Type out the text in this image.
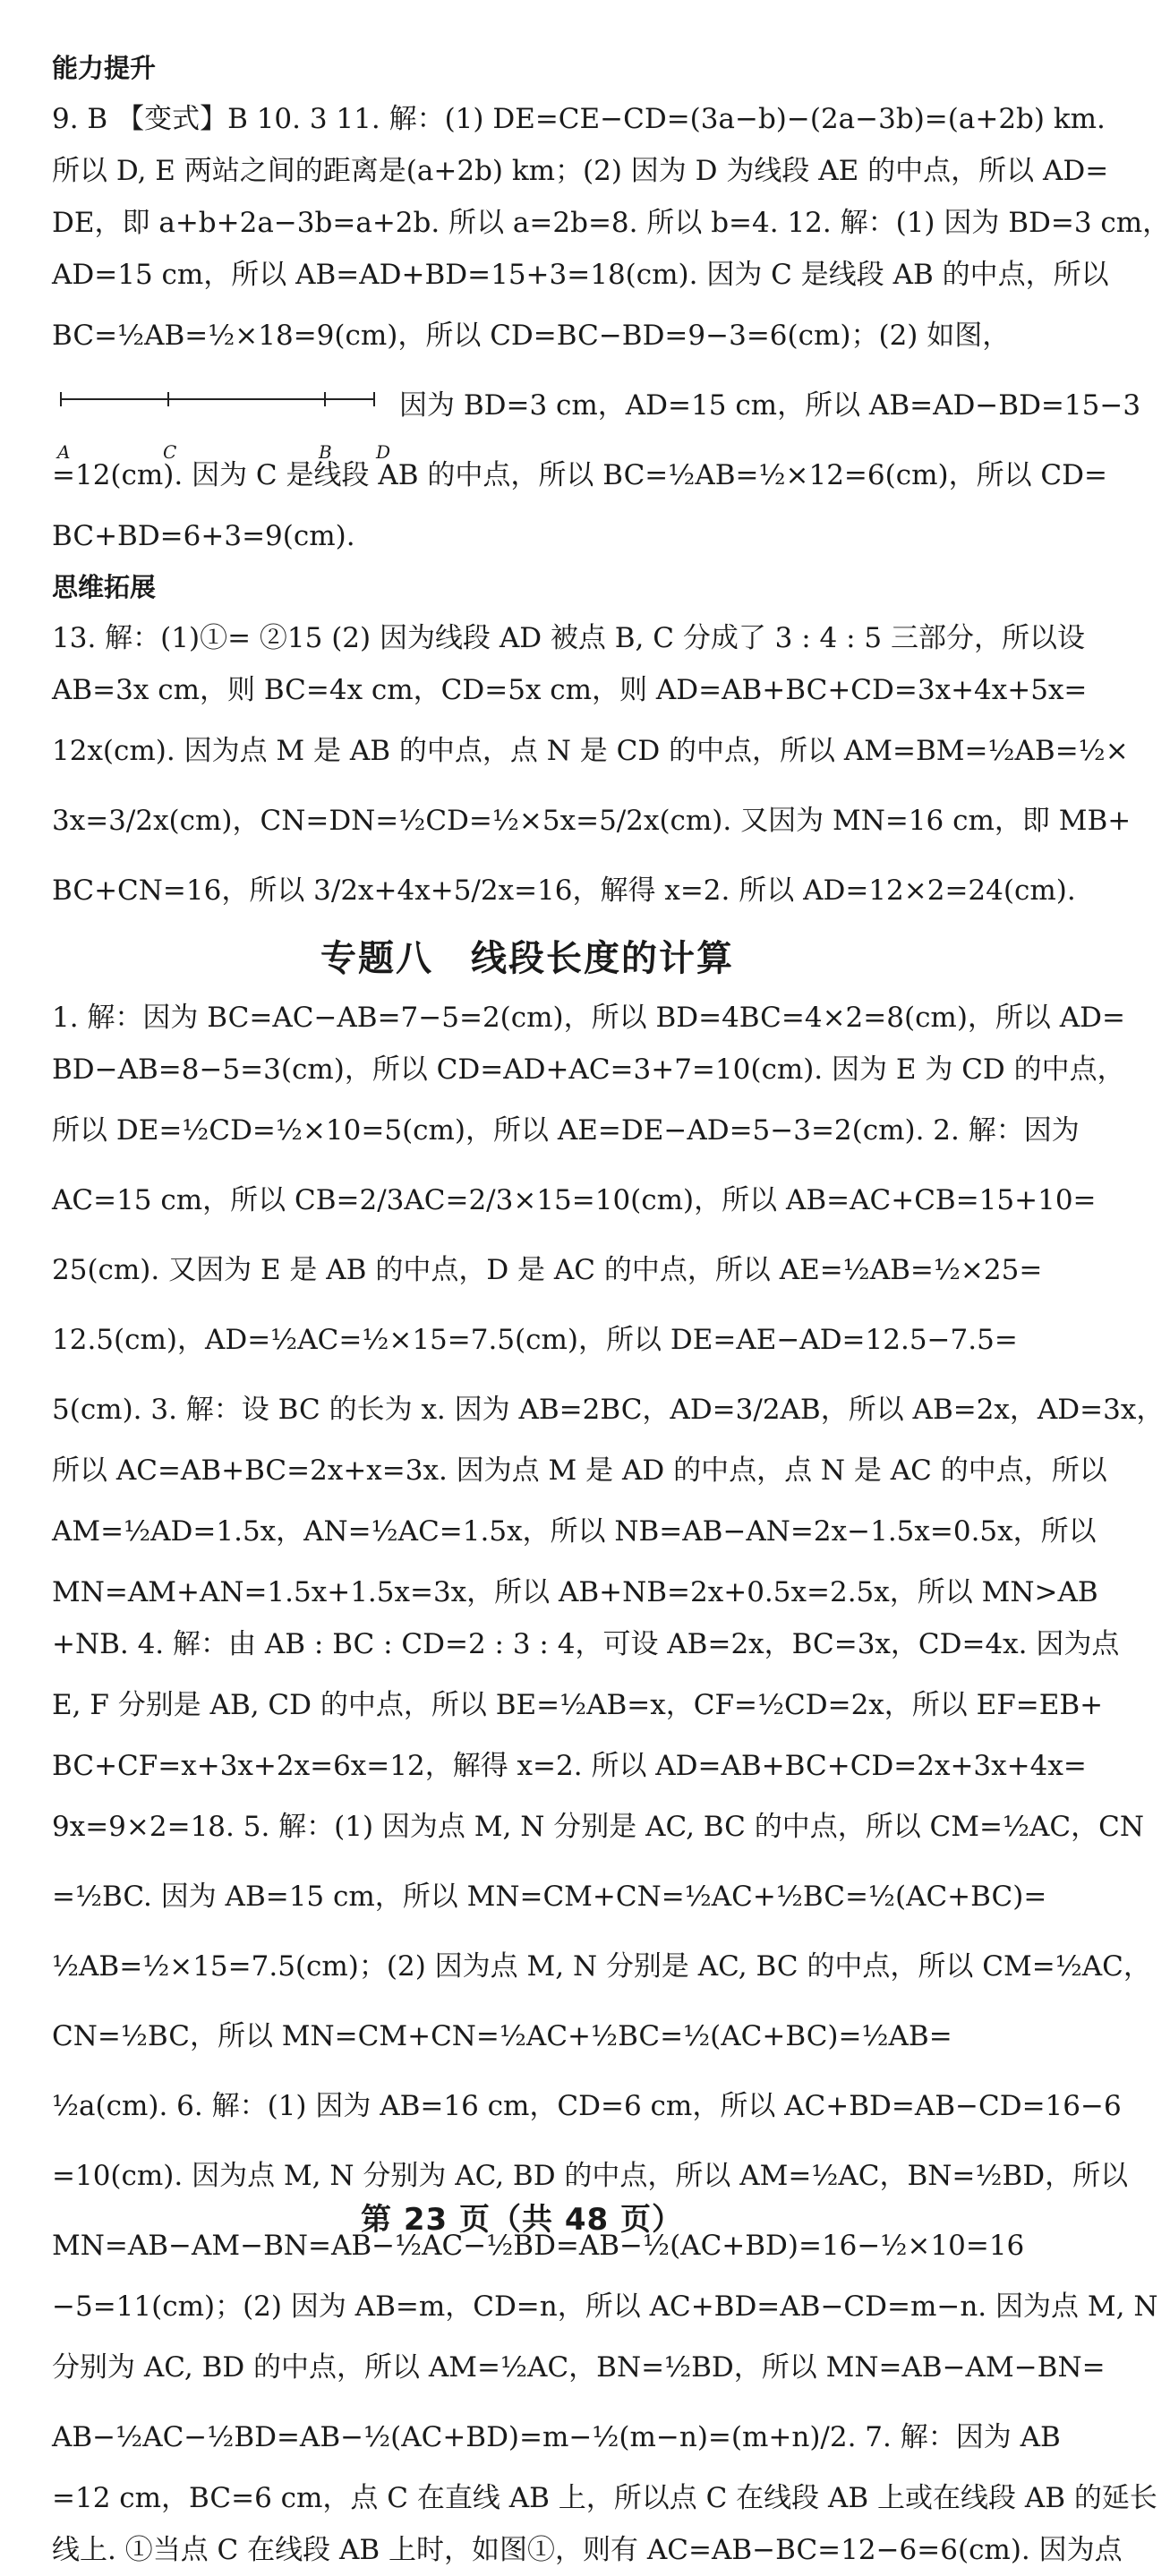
能力提升
9. B 【变式】B 10. 3 11. 解：(1) DE=CE−CD=(3a−b)−(2a−3b)=(a+2b) km.
所以 D, E 两站之间的距离是(a+2b) km；(2) 因为 D 为线段 AE 的中点，所以 AD=
DE，即 a+b+2a−3b=a+2b. 所以 a=2b=8. 所以 b=4. 12. 解：(1) 因为 BD=3 cm，
AD=15 cm，所以 AB=AD+BD=15+3=18(cm). 因为 C 是线段 AB 的中点，所以
BC=½AB=½×18=9(cm)，所以 CD=BC−BD=9−3=6(cm)；(2) 如图，
A	C	B D
因为 BD=3 cm，AD=15 cm，所以 AB=AD−BD=15−3
=12(cm). 因为 C 是线段 AB 的中点，所以 BC=½AB=½×12=6(cm)，所以 CD=
BC+BD=6+3=9(cm).
思维拓展
13. 解：(1)①= ②15 (2) 因为线段 AD 被点 B, C 分成了 3 : 4 : 5 三部分，所以设
AB=3x cm，则 BC=4x cm，CD=5x cm，则 AD=AB+BC+CD=3x+4x+5x=
12x(cm). 因为点 M 是 AB 的中点，点 N 是 CD 的中点，所以 AM=BM=½AB=½×
3x=3/2x(cm)，CN=DN=½CD=½×5x=5/2x(cm). 又因为 MN=16 cm，即 MB+
BC+CN=16，所以 3/2x+4x+5/2x=16，解得 x=2. 所以 AD=12×2=24(cm).
专题八　线段长度的计算
1. 解：因为 BC=AC−AB=7−5=2(cm)，所以 BD=4BC=4×2=8(cm)，所以 AD=
BD−AB=8−5=3(cm)，所以 CD=AD+AC=3+7=10(cm). 因为 E 为 CD 的中点，
所以 DE=½CD=½×10=5(cm)，所以 AE=DE−AD=5−3=2(cm). 2. 解：因为
AC=15 cm，所以 CB=2/3AC=2/3×15=10(cm)，所以 AB=AC+CB=15+10=
25(cm). 又因为 E 是 AB 的中点，D 是 AC 的中点，所以 AE=½AB=½×25=
12.5(cm)，AD=½AC=½×15=7.5(cm)，所以 DE=AE−AD=12.5−7.5=
5(cm). 3. 解：设 BC 的长为 x. 因为 AB=2BC，AD=3/2AB，所以 AB=2x，AD=3x，
所以 AC=AB+BC=2x+x=3x. 因为点 M 是 AD 的中点，点 N 是 AC 的中点，所以
AM=½AD=1.5x，AN=½AC=1.5x，所以 NB=AB−AN=2x−1.5x=0.5x，所以
MN=AM+AN=1.5x+1.5x=3x，所以 AB+NB=2x+0.5x=2.5x，所以 MN>AB
+NB. 4. 解：由 AB : BC : CD=2 : 3 : 4，可设 AB=2x，BC=3x，CD=4x. 因为点
E, F 分别是 AB, CD 的中点，所以 BE=½AB=x，CF=½CD=2x，所以 EF=EB+
BC+CF=x+3x+2x=6x=12，解得 x=2. 所以 AD=AB+BC+CD=2x+3x+4x=
9x=9×2=18. 5. 解：(1) 因为点 M, N 分别是 AC, BC 的中点，所以 CM=½AC，CN
=½BC. 因为 AB=15 cm，所以 MN=CM+CN=½AC+½BC=½(AC+BC)=
½AB=½×15=7.5(cm)；(2) 因为点 M, N 分别是 AC, BC 的中点，所以 CM=½AC，
CN=½BC，所以 MN=CM+CN=½AC+½BC=½(AC+BC)=½AB=
½a(cm). 6. 解：(1) 因为 AB=16 cm，CD=6 cm，所以 AC+BD=AB−CD=16−6
=10(cm). 因为点 M, N 分别为 AC, BD 的中点，所以 AM=½AC，BN=½BD，所以
MN=AB−AM−BN=AB−½AC−½BD=AB−½(AC+BD)=16−½×10=16
−5=11(cm)；(2) 因为 AB=m，CD=n，所以 AC+BD=AB−CD=m−n. 因为点 M, N
分别为 AC, BD 的中点，所以 AM=½AC，BN=½BD，所以 MN=AB−AM−BN=
AB−½AC−½BD=AB−½(AC+BD)=m−½(m−n)=(m+n)/2. 7. 解：因为 AB
=12 cm，BC=6 cm，点 C 在直线 AB 上，所以点 C 在线段 AB 上或在线段 AB 的延长
线上. ①当点 C 在线段 AB 上时，如图①，则有 AC=AB−BC=12−6=6(cm). 因为点
第 23 页（共 48 页）
